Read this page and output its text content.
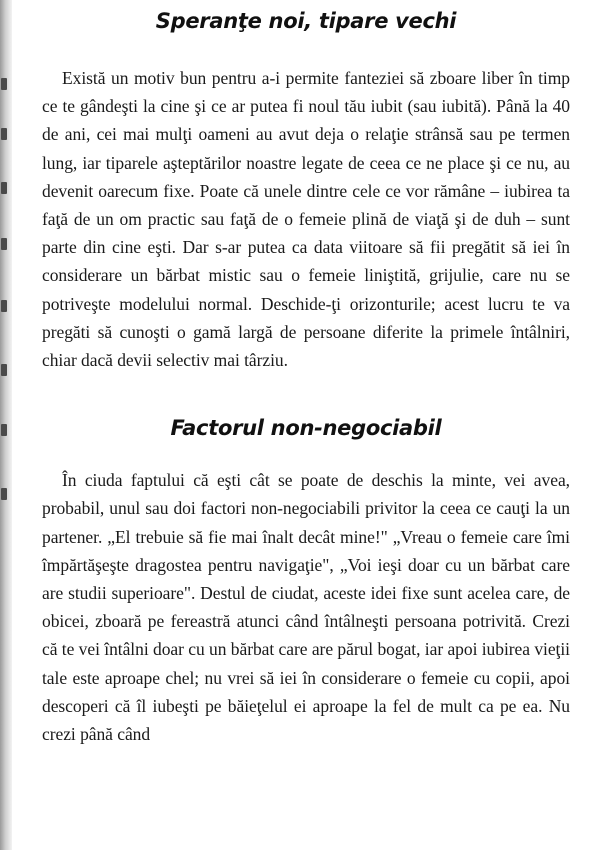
Speranţe noi, tipare vechi

Există un motiv bun pentru a-i permite fanteziei să zboare liber în timp ce te gândeşti la cine şi ce ar putea fi noul tău iubit (sau iubită). Până la 40 de ani, cei mai mulţi oameni au avut deja o relaţie strânsă sau pe termen lung, iar tiparele aşteptărilor noastre legate de ceea ce ne place şi ce nu, au devenit oarecum fixe. Poate că unele dintre cele ce vor rămâne – iubirea ta faţă de un om practic sau faţă de o femeie plină de viaţă şi de duh – sunt parte din cine eşti. Dar s-ar putea ca data viitoare să fii pregătit să iei în considerare un bărbat mistic sau o femeie liniştită, grijulie, care nu se potriveşte modelului normal. Deschide-ţi orizonturile; acest lucru te va pregăti să cunoşti o gamă largă de persoane diferite la primele întâlniri, chiar dacă devii selectiv mai târziu.

Factorul non-negociabil

În ciuda faptului că eşti cât se poate de deschis la minte, vei avea, probabil, unul sau doi factori non-negociabili privitor la ceea ce cauţi la un partener. „El trebuie să fie mai înalt decât mine!" „Vreau o femeie care îmi împărtăşeşte dragostea pentru navigaţie", „Voi ieşi doar cu un bărbat care are studii superioare". Destul de ciudat, aceste idei fixe sunt acelea care, de obicei, zboară pe fereastră atunci când întâlneşti persoana potrivită. Crezi că te vei întâlni doar cu un bărbat care are părul bogat, iar apoi iubirea vieţii tale este aproape chel; nu vrei să iei în considerare o femeie cu copii, apoi descoperi că îl iubeşti pe băieţelul ei aproape la fel de mult ca pe ea. Nu crezi până când
